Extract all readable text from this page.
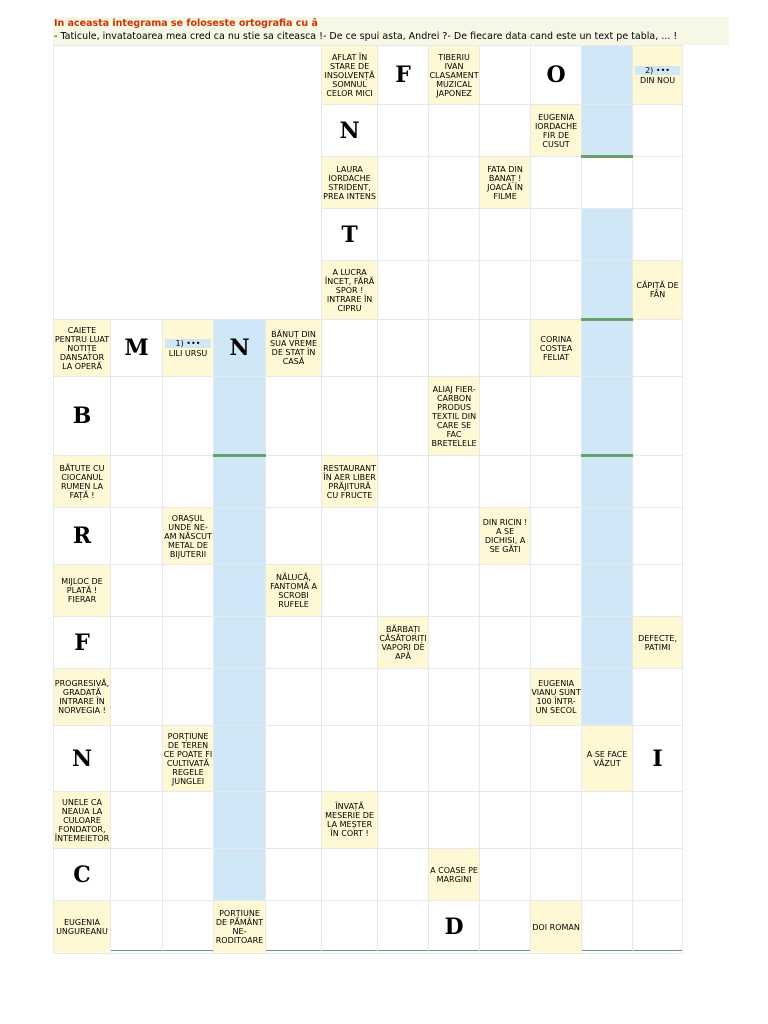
In aceasta integrama se foloseste ortografia cu â
- Taticule, invatatoarea mea cred ca nu stie sa citeasca !- De ce spui asta, Andrei ?- De fiecare data cand este un text pe tabla, ... !
					AFLAT ÎN STARE DE INSOLVENȚĂ SOMNUL CELOR MICI	F	TIBERIU IVAN CLASAMENT MUZICAL JAPONEZ		O		2) •••
DIN NOU
					N				EUGENIA IORDACHE FIR DE CUSUT		
					LAURA IORDACHE STRIDENT, PREA INTENS			FATA DIN BANAȚ ! JOACĂ ÎN FILME			
					T						
					A LUCRA ÎNCET, FĂRĂ SPOR ! INTRARE ÎN CIPRU						CĂPIȚĂ DE FÂN
CAIETE PENTRU LUAT NOTIȚE DANSATOR LA OPERĂ	M	1) •••
LILI URSU	N	BĂNUȚ DIN SUA VREME DE STAT ÎN CASĂ					CORINA COSTEA FELIAT		
B							ALIAJ FIER-CARBON PRODUS TEXTIL DIN CARE SE FAC BRETELELE				
BĂTUTE CU CIOCANUL RUMEN LA FAȚĂ !					RESTAURANT ÎN AER LIBER PRĂJITURĂ CU FRUCTE						
R		ORAȘUL UNDE NE-AM NĂSCUT METAL DE BIJUTERII						DIN RICIN ! A SE DICHISI, A SE GĂTI			
MIJLOC DE PLATĂ ! FIERAR				NĂLUCĂ, FANTOMĂ A SCROBI RUFELE							
F						BĂRBAȚI CĂSĂTORIȚI VAPORI DE APĂ					DEFECTE, PATIMI
PROGRESIVĂ, GRADATĂ INTRARE ÎN NORVEGIA !									EUGENIA VIANU SUNT 100 ÎNTR-UN SECOL		
N		PORȚIUNE DE TEREN CE POATE FI CULTIVATĂ REGELE JUNGLEI								A SE FACE VĂZUT	I
UNELE CA NEAUA LA CULOARE FONDATOR, ÎNTEMEIETOR					ÎNVAȚĂ MESERIE DE LA MEȘTER ÎN CORT !						
C							A COASE PE MARGINI				
EUGENIA UNGUREANU			PORȚIUNE DE PĂMÂNT NE-RODITOARE				D		DOI ROMAN		
